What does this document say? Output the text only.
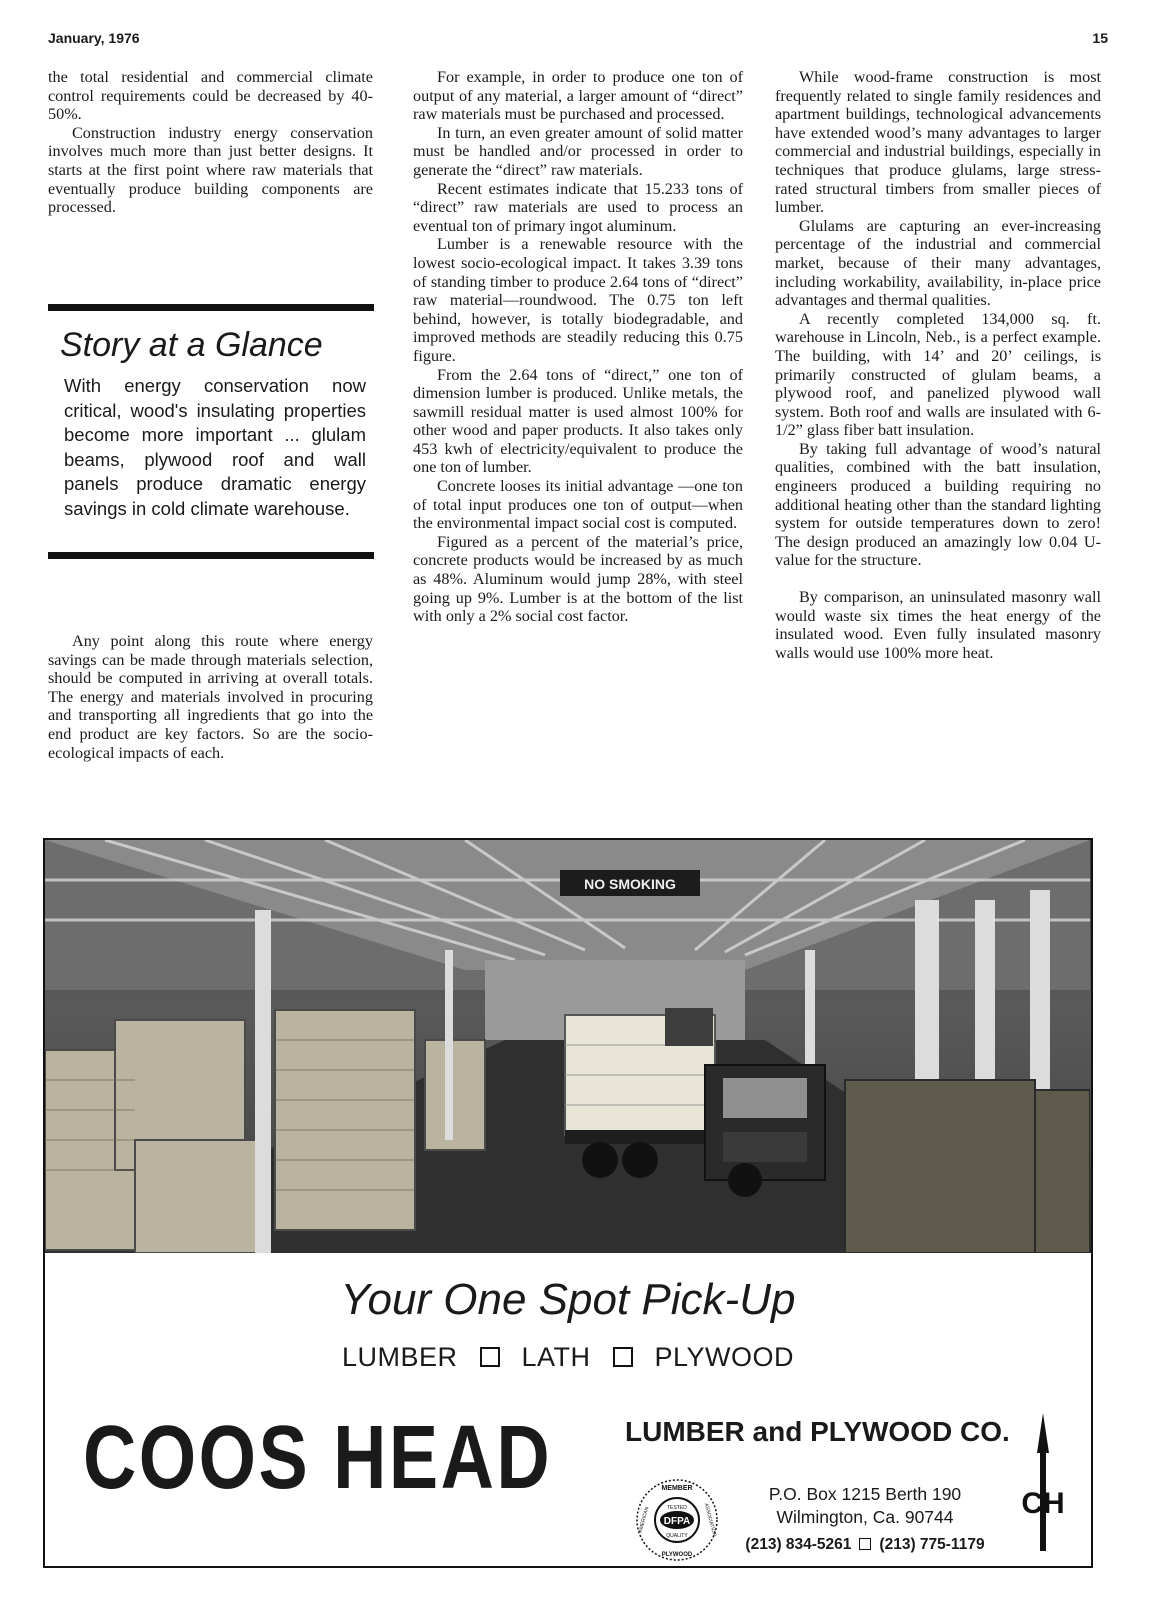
January, 1976	15

the total residential and commercial climate control requirements could be decreased by 40-50%.

Construction industry energy conservation involves much more than just better designs. It starts at the first point where raw materials that eventually produce building components are processed.

Story at a Glance

With energy conservation now critical, wood's insulating properties become more important ... glulam beams, plywood roof and wall panels produce dramatic energy savings in cold climate warehouse.

Any point along this route where energy savings can be made through materials selection, should be computed in arriving at overall totals. The energy and materials involved in procuring and transporting all ingredients that go into the end product are key factors. So are the socio-ecological impacts of each.

For example, in order to produce one ton of output of any material, a larger amount of “direct” raw materials must be purchased and processed.

In turn, an even greater amount of solid matter must be handled and/or processed in order to generate the “direct” raw materials.

Recent estimates indicate that 15.233 tons of “direct” raw materials are used to process an eventual ton of primary ingot aluminum.

Lumber is a renewable resource with the lowest socio-ecological impact. It takes 3.39 tons of standing timber to produce 2.64 tons of “direct” raw material—roundwood. The 0.75 ton left behind, however, is totally biodegradable, and improved methods are steadily reducing this 0.75 figure.

From the 2.64 tons of “direct,” one ton of dimension lumber is produced. Unlike metals, the sawmill residual matter is used almost 100% for other wood and paper products. It also takes only 453 kwh of electricity/equivalent to produce the one ton of lumber.

Concrete looses its initial advantage —one ton of total input produces one ton of output—when the environmental impact social cost is computed.

Figured as a percent of the material’s price, concrete products would be increased by as much as 48%. Aluminum would jump 28%, with steel going up 9%. Lumber is at the bottom of the list with only a 2% social cost factor.

While wood-frame construction is most frequently related to single family residences and apartment buildings, technological advancements have extended wood’s many advantages to larger commercial and industrial buildings, especially in techniques that produce glulams, large stress-rated structural timbers from smaller pieces of lumber.

Glulams are capturing an ever-increasing percentage of the industrial and commercial market, because of their many advantages, including workability, availability, in-place price advantages and thermal qualities.

A recently completed 134,000 sq. ft. warehouse in Lincoln, Neb., is a perfect example. The building, with 14’ and 20’ ceilings, is primarily constructed of glulam beams, a plywood roof, and panelized plywood wall system. Both roof and walls are insulated with 6-1/2” glass fiber batt insulation.

By taking full advantage of wood’s natural qualities, combined with the batt insulation, engineers produced a building requiring no additional heating other than the standard lighting system for outside temperatures down to zero! The design produced an amazingly low 0.04 U-value for the structure.

By comparison, an uninsulated masonry wall would waste six times the heat energy of the insulated wood. Even fully insulated masonry walls would use 100% more heat.

NO SMOKING
Your One Spot Pick-Up
LUMBER LATH PLYWOOD
COOS HEAD	LUMBER and PLYWOOD CO.
DFPA
TESTED
QUALITY
MEMBER
PLYWOOD
AMERICAN	ASSOCIATION
P.O. Box 1215 Berth 190
Wilmington, Ca. 90744
(213) 834-5261 (213) 775-1179
CH
